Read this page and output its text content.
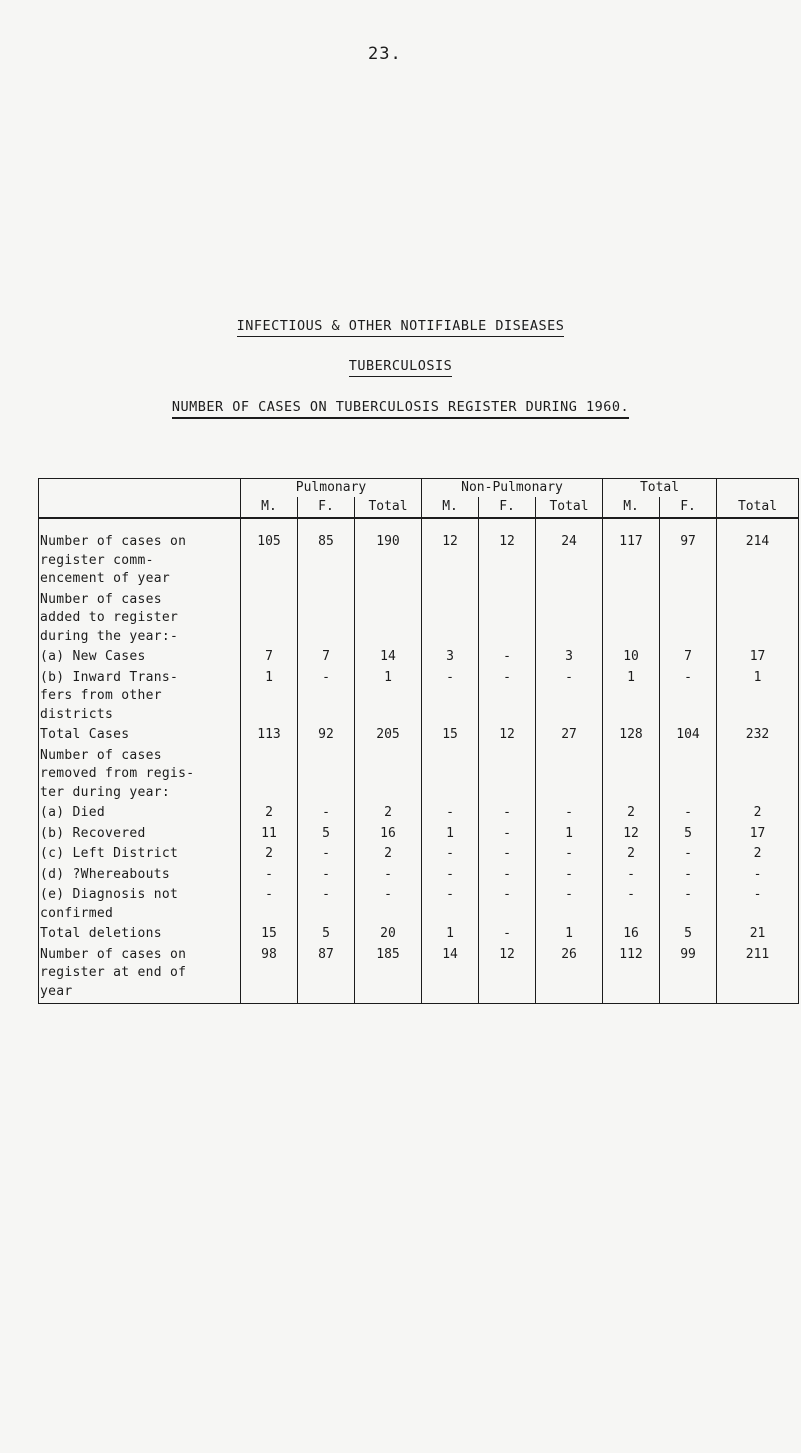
23.
INFECTIOUS & OTHER NOTIFIABLE DISEASES
TUBERCULOSIS
NUMBER OF CASES ON TUBERCULOSIS REGISTER DURING 1960.
	Pulmonary			Non-Pulmonary			Total		
	M.	F.	Total	M.	F.	Total	M.	F.	Total
Number of cases on
register comm-
encement of year	105	85	190	12	12	24	117	97	214
Number of cases
added to register
during the year:-									
(a) New Cases	7	7	14	3	-	3	10	7	17
(b) Inward Trans-
fers from other
districts	1	-	1	-	-	-	1	-	1
Total Cases	113	92	205	15	12	27	128	104	232
Number of cases
removed from regis-
ter during year:									
(a) Died	2	-	2	-	-	-	2	-	2
(b) Recovered	11	5	16	1	-	1	12	5	17
(c) Left District	2	-	2	-	-	-	2	-	2
(d) ?Whereabouts	-	-	-	-	-	-	-	-	-
(e) Diagnosis not
confirmed	-	-	-	-	-	-	-	-	-
Total deletions	15	5	20	1	-	1	16	5	21
Number of cases on
register at end of
year	98	87	185	14	12	26	112	99	211
